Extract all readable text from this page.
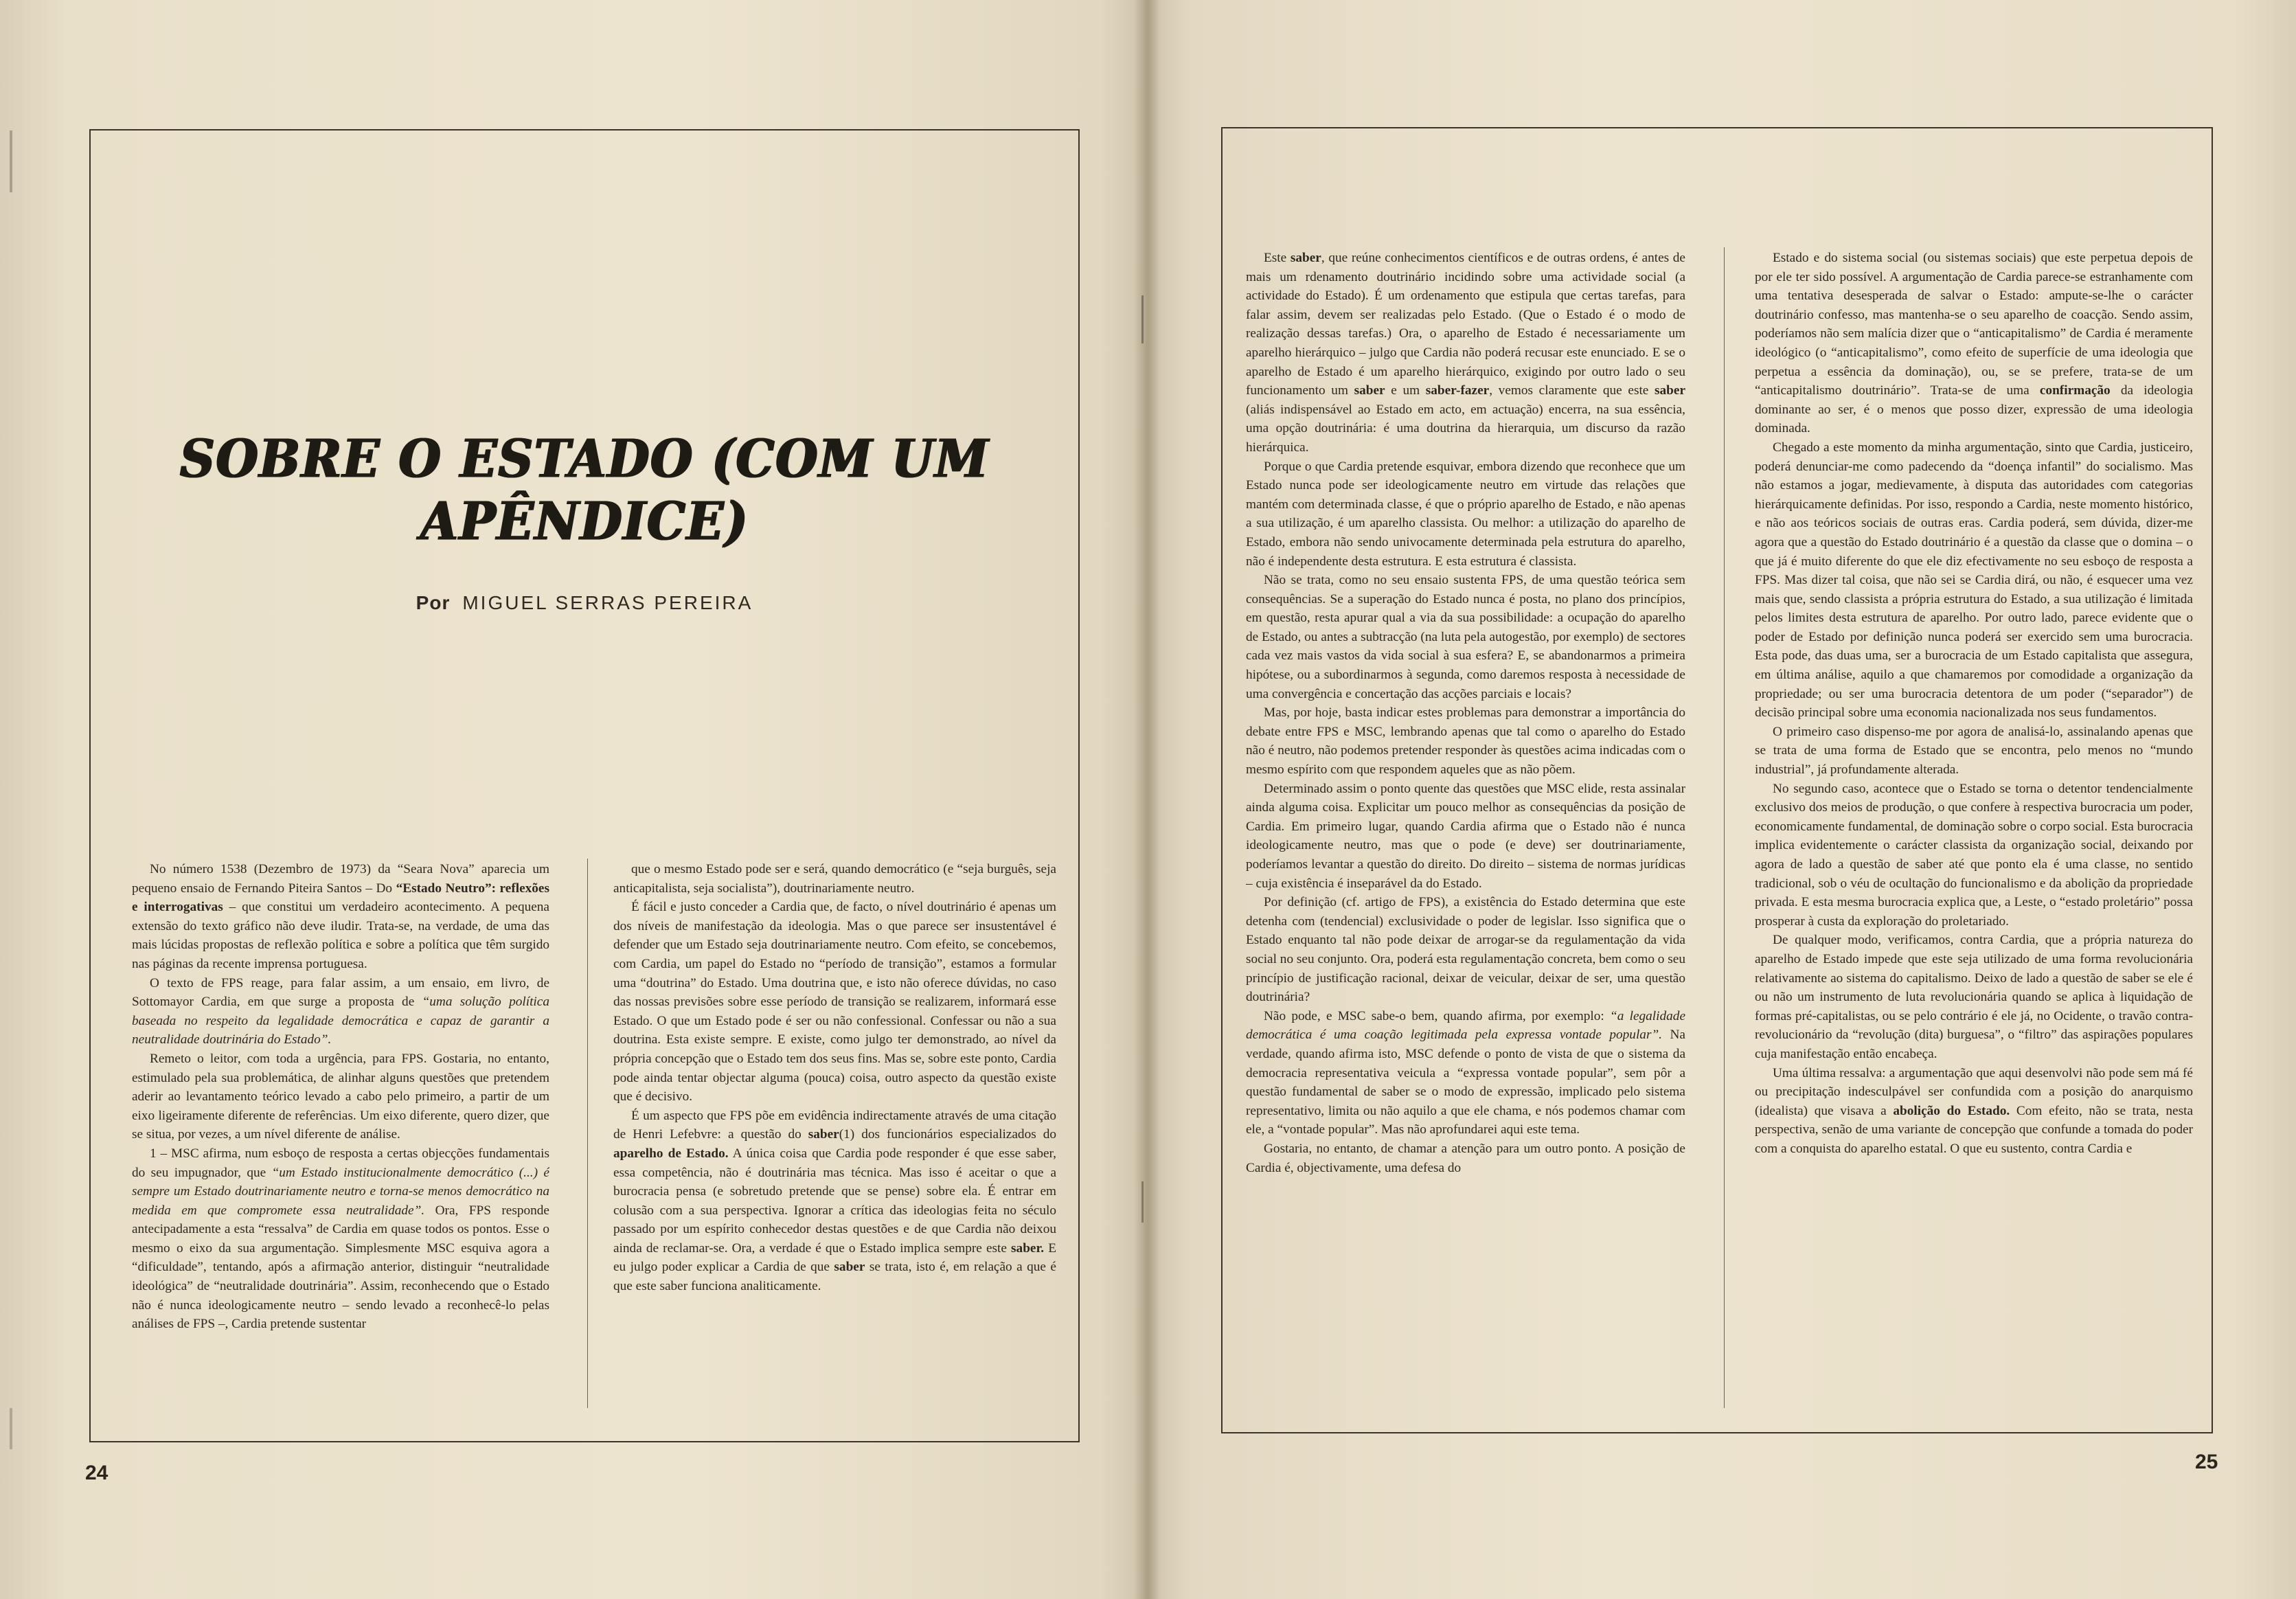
SOBRE O ESTADO (COM UM APÊNDICE)
Por MIGUEL SERRAS PEREIRA

No número 1538 (Dezembro de 1973) da “Seara Nova” aparecia um pequeno ensaio de Fernando Piteira Santos – Do “Estado Neutro”: reflexões e interrogativas – que constitui um verdadeiro acontecimento. A pequena extensão do texto gráfico não deve iludir. Trata-se, na verdade, de uma das mais lúcidas propostas de reflexão política e sobre a política que têm surgido nas páginas da recente imprensa portuguesa.

O texto de FPS reage, para falar assim, a um ensaio, em livro, de Sottomayor Cardia, em que surge a proposta de “uma solução política baseada no respeito da legalidade democrática e capaz de garantir a neutralidade doutrinária do Estado”.

Remeto o leitor, com toda a urgência, para FPS. Gostaria, no entanto, estimulado pela sua problemática, de alinhar alguns questões que pretendem aderir ao levantamento teórico levado a cabo pelo primeiro, a partir de um eixo ligeiramente diferente de referências. Um eixo diferente, quero dizer, que se situa, por vezes, a um nível diferente de análise.

1 – MSC afirma, num esboço de resposta a certas objecções fundamentais do seu impugnador, que “um Estado institucionalmente democrático (...) é sempre um Estado doutrinariamente neutro e torna-se menos democrático na medida em que compromete essa neutralidade”. Ora, FPS responde antecipadamente a esta “ressalva” de Cardia em quase todos os pontos. Esse o mesmo o eixo da sua argumentação. Simplesmente MSC esquiva agora a “dificuldade”, tentando, após a afirmação anterior, distinguir “neutralidade ideológica” de “neutralidade doutrinária”. Assim, reconhecendo que o Estado não é nunca ideologicamente neutro – sendo levado a reconhecê-lo pelas análises de FPS –, Cardia pretende sustentar

que o mesmo Estado pode ser e será, quando democrático (e “seja burguês, seja anticapitalista, seja socialista”), doutrinariamente neutro.

É fácil e justo conceder a Cardia que, de facto, o nível doutrinário é apenas um dos níveis de manifestação da ideologia. Mas o que parece ser insustentável é defender que um Estado seja doutrinariamente neutro. Com efeito, se concebemos, com Cardia, um papel do Estado no “período de transição”, estamos a formular uma “doutrina” do Estado. Uma doutrina que, e isto não oferece dúvidas, no caso das nossas previsões sobre esse período de transição se realizarem, informará esse Estado. O que um Estado pode é ser ou não confessional. Confessar ou não a sua doutrina. Esta existe sempre. E existe, como julgo ter demonstrado, ao nível da própria concepção que o Estado tem dos seus fins. Mas se, sobre este ponto, Cardia pode ainda tentar objectar alguma (pouca) coisa, outro aspecto da questão existe que é decisivo.

É um aspecto que FPS põe em evidência indirectamente através de uma citação de Henri Lefebvre: a questão do saber(1) dos funcionários especializados do aparelho de Estado. A única coisa que Cardia pode responder é que esse saber, essa competência, não é doutrinária mas técnica. Mas isso é aceitar o que a burocracia pensa (e sobretudo pretende que se pense) sobre ela. É entrar em colusão com a sua perspectiva. Ignorar a crítica das ideologias feita no século passado por um espírito conhecedor destas questões e de que Cardia não deixou ainda de reclamar-se. Ora, a verdade é que o Estado implica sempre este saber. E eu julgo poder explicar a Cardia de que saber se trata, isto é, em relação a que é que este saber funciona analiticamente.

Este saber, que reúne conhecimentos científicos e de outras ordens, é antes de mais um rdenamento doutrinário incidindo sobre uma actividade social (a actividade do Estado). É um ordenamento que estipula que certas tarefas, para falar assim, devem ser realizadas pelo Estado. (Que o Estado é o modo de realização dessas tarefas.) Ora, o aparelho de Estado é necessariamente um aparelho hierárquico – julgo que Cardia não poderá recusar este enunciado. E se o aparelho de Estado é um aparelho hierárquico, exigindo por outro lado o seu funcionamento um saber e um saber-fazer, vemos claramente que este saber (aliás indispensável ao Estado em acto, em actuação) encerra, na sua essência, uma opção doutrinária: é uma doutrina da hierarquia, um discurso da razão hierárquica.

Porque o que Cardia pretende esquivar, embora dizendo que reconhece que um Estado nunca pode ser ideologicamente neutro em virtude das relações que mantém com determinada classe, é que o próprio aparelho de Estado, e não apenas a sua utilização, é um aparelho classista. Ou melhor: a utilização do aparelho de Estado, embora não sendo univocamente determinada pela estrutura do aparelho, não é independente desta estrutura. E esta estrutura é classista.

Não se trata, como no seu ensaio sustenta FPS, de uma questão teórica sem consequências. Se a superação do Estado nunca é posta, no plano dos princípios, em questão, resta apurar qual a via da sua possibilidade: a ocupação do aparelho de Estado, ou antes a subtracção (na luta pela autogestão, por exemplo) de sectores cada vez mais vastos da vida social à sua esfera? E, se abandonarmos a primeira hipótese, ou a subordinarmos à segunda, como daremos resposta à necessidade de uma convergência e concertação das acções parciais e locais?

Mas, por hoje, basta indicar estes problemas para demonstrar a importância do debate entre FPS e MSC, lembrando apenas que tal como o aparelho do Estado não é neutro, não podemos pretender responder às questões acima indicadas com o mesmo espírito com que respondem aqueles que as não põem.

Determinado assim o ponto quente das questões que MSC elide, resta assinalar ainda alguma coisa. Explicitar um pouco melhor as consequências da posição de Cardia. Em primeiro lugar, quando Cardia afirma que o Estado não é nunca ideologicamente neutro, mas que o pode (e deve) ser doutrinariamente, poderíamos levantar a questão do direito. Do direito – sistema de normas jurídicas – cuja existência é inseparável da do Estado.

Por definição (cf. artigo de FPS), a existência do Estado determina que este detenha com (tendencial) exclusividade o poder de legislar. Isso significa que o Estado enquanto tal não pode deixar de arrogar-se da regulamentação da vida social no seu conjunto. Ora, poderá esta regulamentação concreta, bem como o seu princípio de justificação racional, deixar de veicular, deixar de ser, uma questão doutrinária?

Não pode, e MSC sabe-o bem, quando afirma, por exemplo: “a legalidade democrática é uma coação legitimada pela expressa vontade popular”. Na verdade, quando afirma isto, MSC defende o ponto de vista de que o sistema da democracia representativa veicula a “expressa vontade popular”, sem pôr a questão fundamental de saber se o modo de expressão, implicado pelo sistema representativo, limita ou não aquilo a que ele chama, e nós podemos chamar com ele, a “vontade popular”. Mas não aprofundarei aqui este tema.

Gostaria, no entanto, de chamar a atenção para um outro ponto. A posição de Cardia é, objectivamente, uma defesa do

Estado e do sistema social (ou sistemas sociais) que este perpetua depois de por ele ter sido possível. A argumentação de Cardia parece-se estranhamente com uma tentativa desesperada de salvar o Estado: ampute-se-lhe o carácter doutrinário confesso, mas mantenha-se o seu aparelho de coacção. Sendo assim, poderíamos não sem malícia dizer que o “anticapitalismo” de Cardia é meramente ideológico (o “anticapitalismo”, como efeito de superfície de uma ideologia que perpetua a essência da dominação), ou, se se prefere, trata-se de um “anticapitalismo doutrinário”. Trata-se de uma confirmação da ideologia dominante ao ser, é o menos que posso dizer, expressão de uma ideologia dominada.

Chegado a este momento da minha argumentação, sinto que Cardia, justiceiro, poderá denunciar-me como padecendo da “doença infantil” do socialismo. Mas não estamos a jogar, medievamente, à disputa das autoridades com categorias hierárquicamente definidas. Por isso, respondo a Cardia, neste momento histórico, e não aos teóricos sociais de outras eras. Cardia poderá, sem dúvida, dizer-me agora que a questão do Estado doutrinário é a questão da classe que o domina – o que já é muito diferente do que ele diz efectivamente no seu esboço de resposta a FPS. Mas dizer tal coisa, que não sei se Cardia dirá, ou não, é esquecer uma vez mais que, sendo classista a própria estrutura do Estado, a sua utilização é limitada pelos limites desta estrutura de aparelho. Por outro lado, parece evidente que o poder de Estado por definição nunca poderá ser exercido sem uma burocracia. Esta pode, das duas uma, ser a burocracia de um Estado capitalista que assegura, em última análise, aquilo a que chamaremos por comodidade a organização da propriedade; ou ser uma burocracia detentora de um poder (“separador”) de decisão principal sobre uma economia nacionalizada nos seus fundamentos.

O primeiro caso dispenso-me por agora de analisá-lo, assinalando apenas que se trata de uma forma de Estado que se encontra, pelo menos no “mundo industrial”, já profundamente alterada.

No segundo caso, acontece que o Estado se torna o detentor tendencialmente exclusivo dos meios de produção, o que confere à respectiva burocracia um poder, economicamente fundamental, de dominação sobre o corpo social. Esta burocracia implica evidentemente o carácter classista da organização social, deixando por agora de lado a questão de saber até que ponto ela é uma classe, no sentido tradicional, sob o véu de ocultação do funcionalismo e da abolição da propriedade privada. E esta mesma burocracia explica que, a Leste, o “estado proletário” possa prosperar à custa da exploração do proletariado.

De qualquer modo, verificamos, contra Cardia, que a própria natureza do aparelho de Estado impede que este seja utilizado de uma forma revolucionária relativamente ao sistema do capitalismo. Deixo de lado a questão de saber se ele é ou não um instrumento de luta revolucionária quando se aplica à liquidação de formas pré-capitalistas, ou se pelo contrário é ele já, no Ocidente, o travão contra-revolucionário da “revolução (dita) burguesa”, o “filtro” das aspirações populares cuja manifestação então encabeça.

Uma última ressalva: a argumentação que aqui desenvolvi não pode sem má fé ou precipitação indesculpável ser confundida com a posição do anarquismo (idealista) que visava a abolição do Estado. Com efeito, não se trata, nesta perspectiva, senão de uma variante de concepção que confunde a tomada do poder com a conquista do aparelho estatal. O que eu sustento, contra Cardia e

24	25
